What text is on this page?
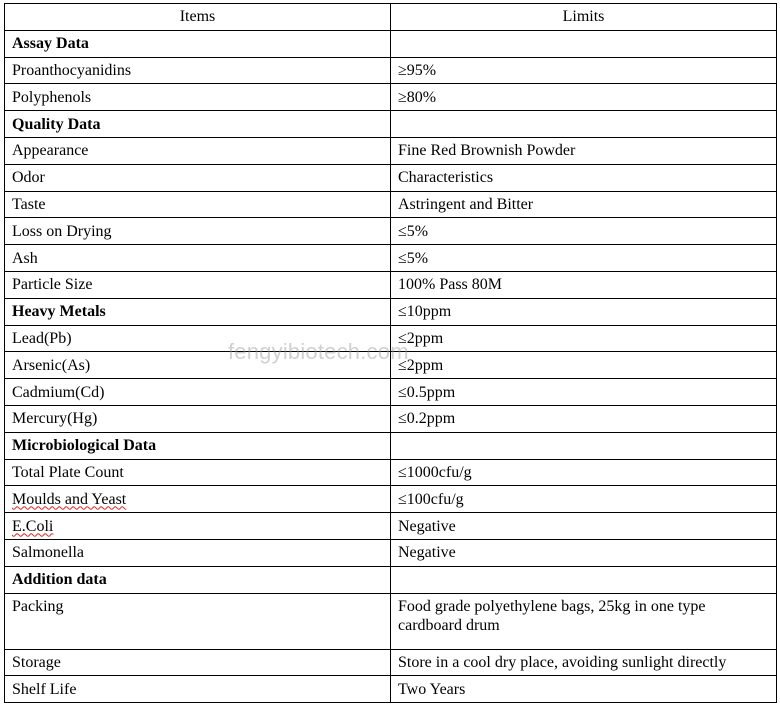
Items	Limits
Assay Data	
Proanthocyanidins	≥95%
Polyphenols	≥80%
Quality Data	
Appearance	Fine Red Brownish Powder
Odor	Characteristics
Taste	Astringent and Bitter
Loss on Drying	≤5%
Ash	≤5%
Particle Size	100% Pass 80M
Heavy Metals	≤10ppm
Lead(Pb)	≤2ppm
Arsenic(As)	≤2ppm
Cadmium(Cd)	≤0.5ppm
Mercury(Hg)	≤0.2ppm
Microbiological Data	
Total Plate Count	≤1000cfu/g
Moulds and Yeast	≤100cfu/g
E.Coli	Negative
Salmonella	Negative
Addition data	
Packing	Food grade polyethylene bags, 25kg in one type cardboard drum
Storage	Store in a cool dry place, avoiding sunlight directly
Shelf Life	Two Years
fengyibiotech.com
